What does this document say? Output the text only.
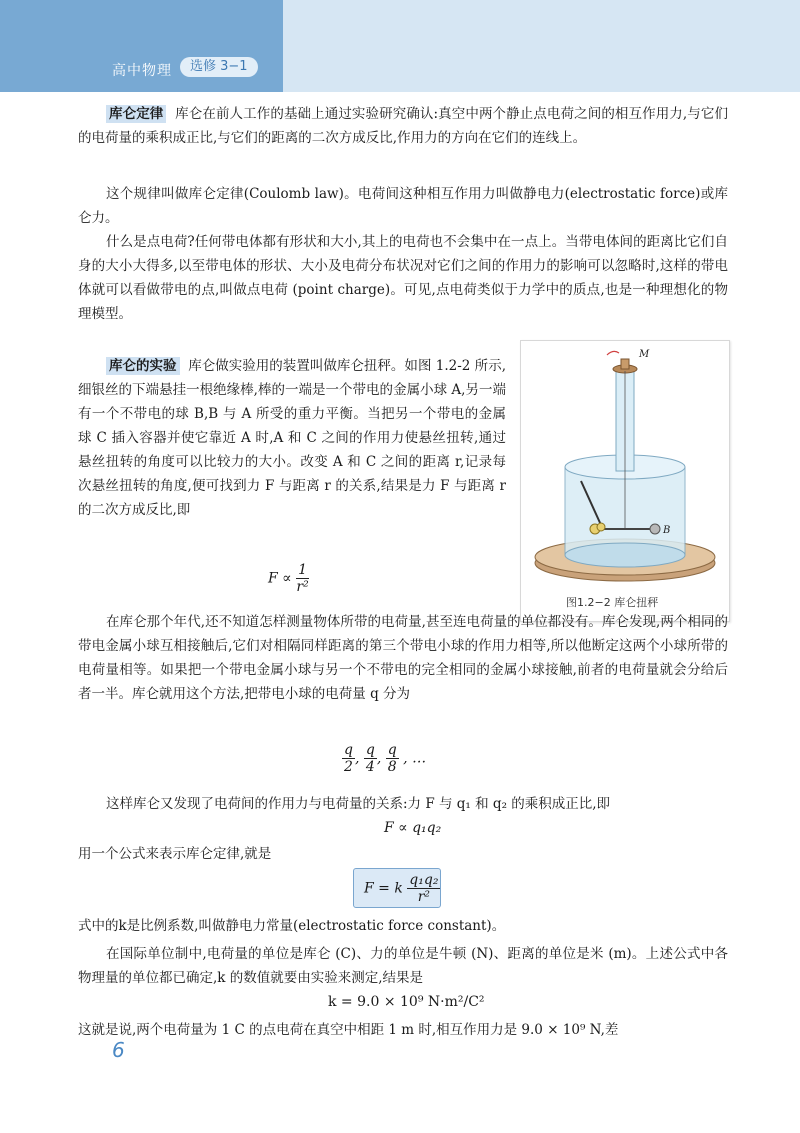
高中物理	选修 3−1

库仑定律 库仑在前人工作的基础上通过实验研究确认:真空中两个静止点电荷之间的相互作用力,与它们的电荷量的乘积成正比,与它们的距离的二次方成反比,作用力的方向在它们的连线上。

这个规律叫做库仑定律(Coulomb law)。电荷间这种相互作用力叫做静电力(electrostatic force)或库仑力。

什么是点电荷?任何带电体都有形状和大小,其上的电荷也不会集中在一点上。当带电体间的距离比它们自身的大小大得多,以至带电体的形状、大小及电荷分布状况对它们之间的作用力的影响可以忽略时,这样的带电体就可以看做带电的点,叫做点电荷 (point charge)。可见,点电荷类似于力学中的质点,也是一种理想化的物理模型。

库仑的实验 库仑做实验用的装置叫做库仑扭秤。如图 1.2-2 所示,细银丝的下端悬挂一根绝缘棒,棒的一端是一个带电的金属小球 A,另一端有一个不带电的球 B,B 与 A 所受的重力平衡。当把另一个带电的金属球 C 插入容器并使它靠近 A 时,A 和 C 之间的作用力使悬丝扭转,通过悬丝扭转的角度可以比较力的大小。改变 A 和 C 之间的距离 r,记录每次悬丝扭转的角度,便可找到力 F 与距离 r 的关系,结果是力 F 与距离 r 的二次方成反比,即

$F \propto \frac{1}{\text{r²}}$
M
B
图1.2−2 库仑扭秤

在库仑那个年代,还不知道怎样测量物体所带的电荷量,甚至连电荷量的单位都没有。库仑发现,两个相同的带电金属小球互相接触后,它们对相隔同样距离的第三个带电小球的作用力相等,所以他断定这两个小球所带的电荷量相等。如果把一个带电金属小球与另一个不带电的完全相同的金属小球接触,前者的电荷量就会分给后者一半。库仑就用这个方法,把带电小球的电荷量 q 分为

$\frac{q}{2}$ , $\frac{q}{4}$ , $\frac{q}{8}$ , …

这样库仑又发现了电荷间的作用力与电荷量的关系:力 F 与 q₁ 和 q₂ 的乘积成正比,即

F ∝ q₁q₂

用一个公式来表示库仑定律,就是

F = k $\frac{\text{q₁q₂}}{\text{r²}}$

式中的k是比例系数,叫做静电力常量(electrostatic force constant)。

在国际单位制中,电荷量的单位是库仑 (C)、力的单位是牛顿 (N)、距离的单位是米 (m)。上述公式中各物理量的单位都已确定,k 的数值就要由实验来测定,结果是

k = 9.0 × 10⁹ N·m²/C²

这就是说,两个电荷量为 1 C 的点电荷在真空中相距 1 m 时,相互作用力是 9.0 × 10⁹ N,差

6
